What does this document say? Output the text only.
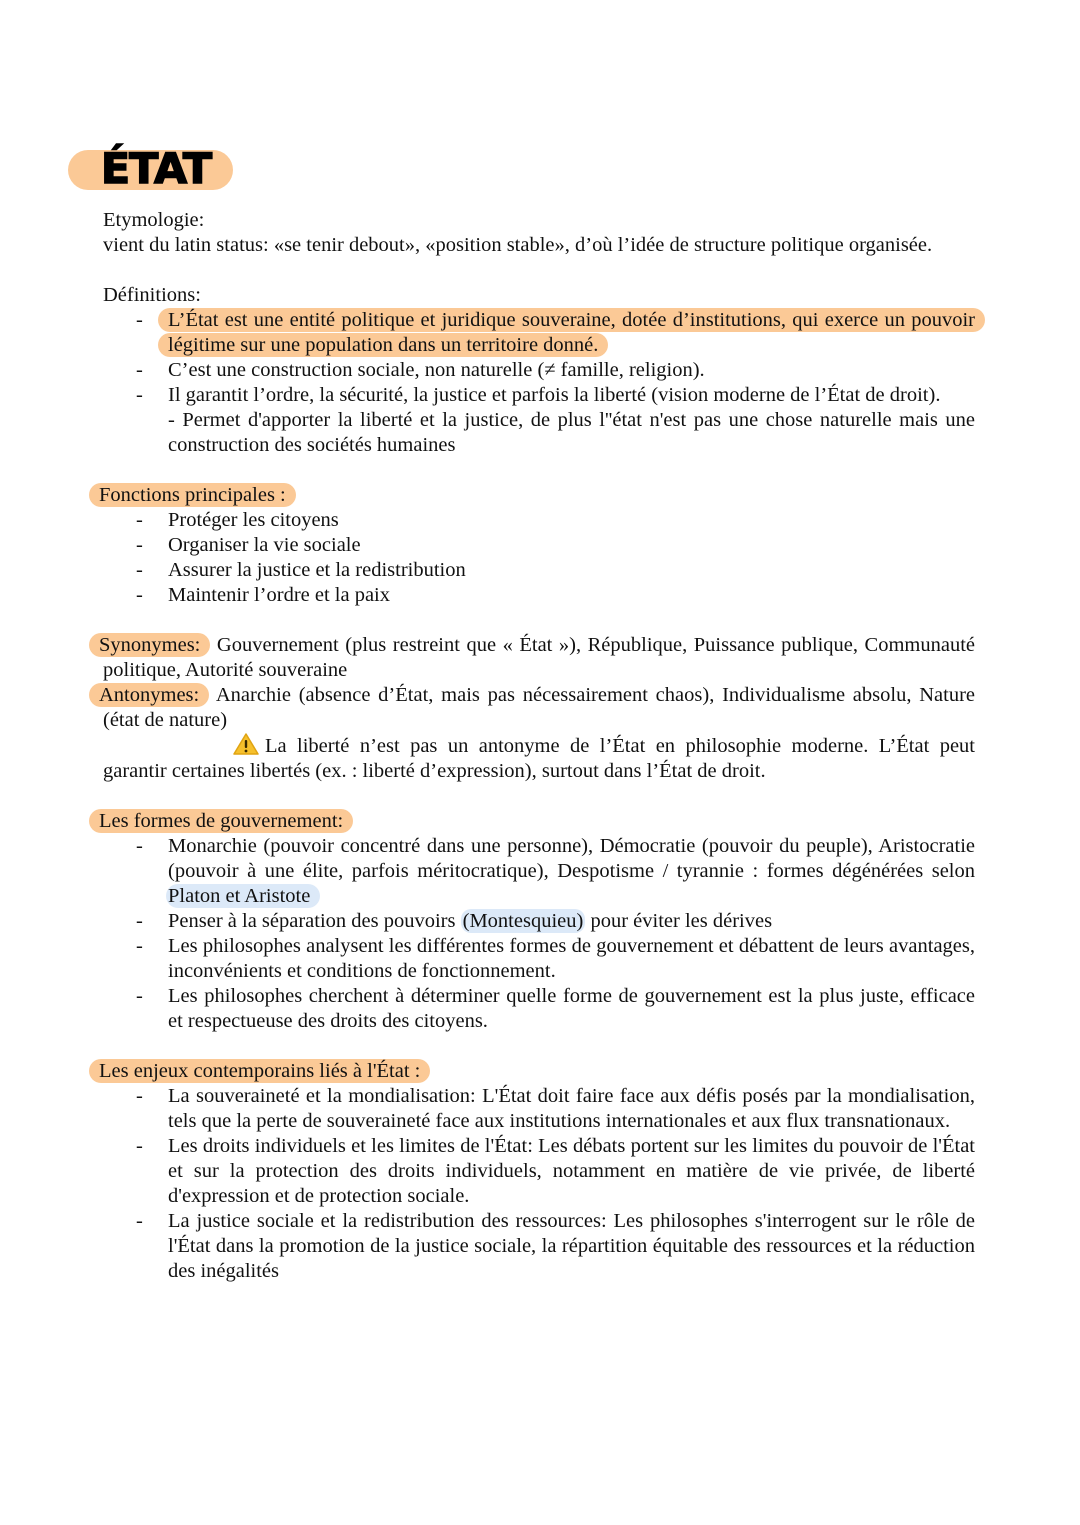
ÉTAT

Etymologie:

vient du latin status: «se tenir debout», «position stable», d’où l’idée de structure politique organisée.

Définitions:

- L’État est une entité politique et juridique souveraine, dotée d’institutions, qui exerce un pouvoir légitime sur une population dans un territoire donné.
- C’est une construction sociale, non naturelle (≠ famille, religion).
- Il garantit l’ordre, la sécurité, la justice et parfois la liberté (vision moderne de l’État de droit).
- Permet d'apporter la liberté et la justice, de plus l''état n'est pas une chose naturelle mais une construction des sociétés humaines

Fonctions principales :

- Protéger les citoyens
- Organiser la vie sociale
- Assurer la justice et la redistribution
- Maintenir l’ordre et la paix

Synonymes: Gouvernement (plus restreint que « État »), République, Puissance publique, Communauté politique, Autorité souveraine

Antonymes: Anarchie (absence d’État, mais pas nécessairement chaos), Individualisme absolu, Nature (état de nature)

La liberté n’est pas un antonyme de l’État en philosophie moderne. L’État peut

garantir certaines libertés (ex. : liberté d’expression), surtout dans l’État de droit.

Les formes de gouvernement:

- Monarchie (pouvoir concentré dans une personne), Démocratie (pouvoir du peuple), Aristocratie (pouvoir à une élite, parfois méritocratique), Despotisme / tyrannie : formes dégénérées selon Platon et Aristote
- Penser à la séparation des pouvoirs (Montesquieu) pour éviter les dérives
- Les philosophes analysent les différentes formes de gouvernement et débattent de leurs avantages, inconvénients et conditions de fonctionnement.
- Les philosophes cherchent à déterminer quelle forme de gouvernement est la plus juste, efficace et respectueuse des droits des citoyens.

Les enjeux contemporains liés à l'État :

- La souveraineté et la mondialisation: L'État doit faire face aux défis posés par la mondialisation, tels que la perte de souveraineté face aux institutions internationales et aux flux transnationaux.
- Les droits individuels et les limites de l'État: Les débats portent sur les limites du pouvoir de l'État et sur la protection des droits individuels, notamment en matière de vie privée, de liberté d'expression et de protection sociale.
- La justice sociale et la redistribution des ressources: Les philosophes s'interrogent sur le rôle de l'État dans la promotion de la justice sociale, la répartition équitable des ressources et la réduction des inégalités
